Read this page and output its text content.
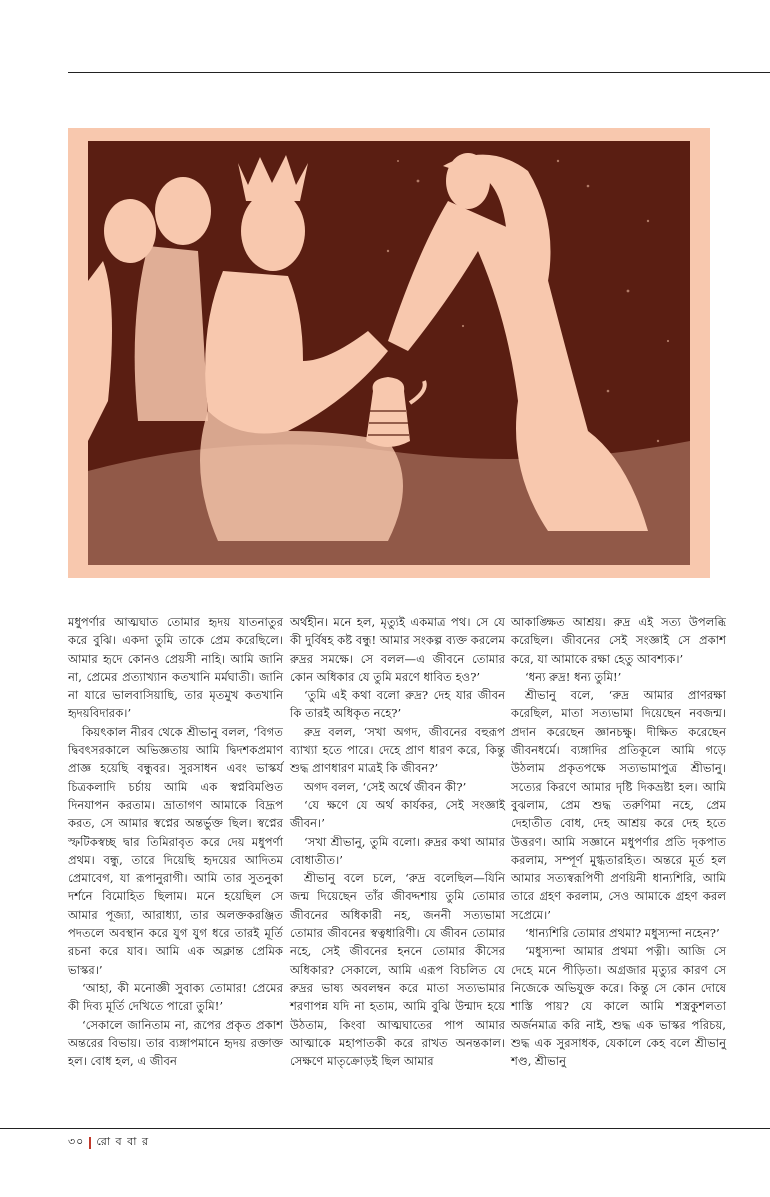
মধুপর্ণার আত্মঘাত তোমার হৃদয় যাতনাতুর করে বুঝি। একদা তুমি তাকে প্রেম করেছিলে। আমার হৃদে কোনও প্রেয়সী নাহি। আমি জানি না, প্রেমের প্রত্যাখ্যান কতখানি মর্মঘাতী। জানি না যারে ভালবাসিয়াছি, তার মৃতমুখ কতখানি হৃদয়বিদারক।’

কিয়ৎকাল নীরব থেকে শ্রীভানু বলল, ‘বিগত দ্বিবৎসরকালে অভিজ্ঞতায় আমি দ্বিদশকপ্রমাণ প্রাজ্ঞ হয়েছি বন্ধুবর। সুরসাধন এবং ভাস্কর্য চিত্রকলাদি চর্চায় আমি এক স্বপ্নবিমণ্ডিত দিনযাপন করতাম। ভ্রাতাগণ আমাকে বিদ্রূপ করত, সে আমার স্বপ্নের অন্তর্ভুক্ত ছিল। স্বপ্নের স্ফটিকস্বচ্ছ দ্বার তিমিরাবৃত করে দেয় মধুপর্ণা প্রথম। বন্ধু, তারে দিয়েছি হৃদয়ের আদিতম প্রেমাবেগ, যা রূপানুরাগী। আমি তার সুতনুকা দর্শনে বিমোহিত ছিলাম। মনে হয়েছিল সে আমার পূজ্যা, আরাধ্যা, তার অলক্তকরঞ্জিত পদতলে অবস্থান করে যুগ যুগ ধরে তারই মূর্তি রচনা করে যাব। আমি এক অক্লান্ত প্রেমিক ভাস্কর।’

‘আহা, কী মনোজ্ঞী সুবাক্য তোমার! প্রেমের কী দিব্য মূর্তি দেখিতে পারো তুমি!’

‘সেকালে জানিতাম না, রূপের প্রকৃত প্রকাশ অন্তরের বিভায়। তার ব্যঙ্গাপমানে হৃদয় রক্তাক্ত হল। বোধ হল, এ জীবন

অর্থহীন। মনে হল, মৃত্যুই একমাত্র পথ। সে যে কী দুর্বিষহ কষ্ট বন্ধু! আমার সংকল্প ব্যক্ত করলেম রুদ্রর সমক্ষে। সে বলল—এ জীবনে তোমার কোন অধিকার যে তুমি মরণে ধাবিত হও?’

‘তুমি এই কথা বলো রুদ্র? দেহ যার জীবন কি তারই অধিকৃত নহে?’

রুদ্র বলল, ‘সখা অগদ, জীবনের বহুরূপ ব্যাখ্যা হতে পারে। দেহে প্রাণ ধারণ করে, কিন্তু শুদ্ধ প্রাণধারণ মাত্রই কি জীবন?’

অগদ বলল, ‘সেই অর্থে জীবন কী?’

‘যে ক্ষণে যে অর্থ কার্যকর, সেই সংজ্ঞাই জীবন।’

‘সখা শ্রীভানু, তুমি বলো। রুদ্রর কথা আমার বোধাতীত।’

শ্রীভানু বলে চলে, ‘রুদ্র বলেছিল—যিনি জন্ম দিয়েছেন তাঁর জীবদ্দশায় তুমি তোমার জীবনের অধিকারী নহ, জননী সত্যভামা তোমার জীবনের স্বত্বধারিণী। যে জীবন তোমার নহে, সেই জীবনের হননে তোমার কীসের অধিকার? সেকালে, আমি এরূপ বিচলিত যে রুদ্রর ভাষ্য অবলম্বন করে মাতা সত্যভামার শরণাপন্ন যদি না হতাম, আমি বুঝি উন্মাদ হয়ে উঠতাম, কিংবা আত্মঘাতের পাপ আমার আত্মাকে মহাপাতকী করে রাখত অনন্তকাল। সেক্ষণে মাতৃক্রোড়ই ছিল আমার

আকাঙ্ক্ষিত আশ্রয়। রুদ্র এই সত্য উপলব্ধি করেছিল। জীবনের সেই সংজ্ঞাই সে প্রকাশ করে, যা আমাকে রক্ষা হেতু আবশ্যক।’

‘ধন্য রুদ্র! ধন্য তুমি!’

শ্রীভানু বলে, ‘রুদ্র আমার প্রাণরক্ষা করেছিল, মাতা সত্যভামা দিয়েছেন নবজন্ম। প্রদান করেছেন জ্ঞানচক্ষু। দীক্ষিত করেছেন জীবনধর্মে। ব্যঙ্গাদির প্রতিকূলে আমি গড়ে উঠলাম প্রকৃতপক্ষে সত্যভামাপুত্র শ্রীভানু। সত্যের কিরণে আমার দৃষ্টি দিকভ্রষ্টা হল। আমি বুঝলাম, প্রেম শুদ্ধ তরুণিমা নহে, প্রেম দেহাতীত বোধ, দেহ আশ্রয় করে দেহ হতে উত্তরণ। আমি সজ্ঞানে মধুপর্ণার প্রতি দৃকপাত করলাম, সম্পূর্ণ মুগ্ধতারহিত। অন্তরে মূর্ত হল আমার সত্যস্বরূপিণী প্রণয়িনী ধান্যশিরি, আমি তারে গ্রহণ করলাম, সেও আমাকে গ্রহণ করল সপ্রেমে।’

‘ধান্যশিরি তোমার প্রথমা? মধুস্যন্দা নহেন?’

‘মধুস্যন্দা আমার প্রথমা পত্নী। আজি সে দেহে মনে পীড়িতা। অগ্রজার মৃত্যুর কারণ সে নিজেকে অভিযুক্ত করে। কিন্তু সে কোন দোষে শাস্তি পায়? যে কালে আমি শস্ত্রকুশলতা অর্জনমাত্র করি নাই, শুদ্ধ এক ভাস্কর পরিচয়, শুদ্ধ এক সুরসাধক, যেকালে কেহ বলে শ্রীভানু শণ্ড, শ্রীভানু

৩০ রো ব বা র
